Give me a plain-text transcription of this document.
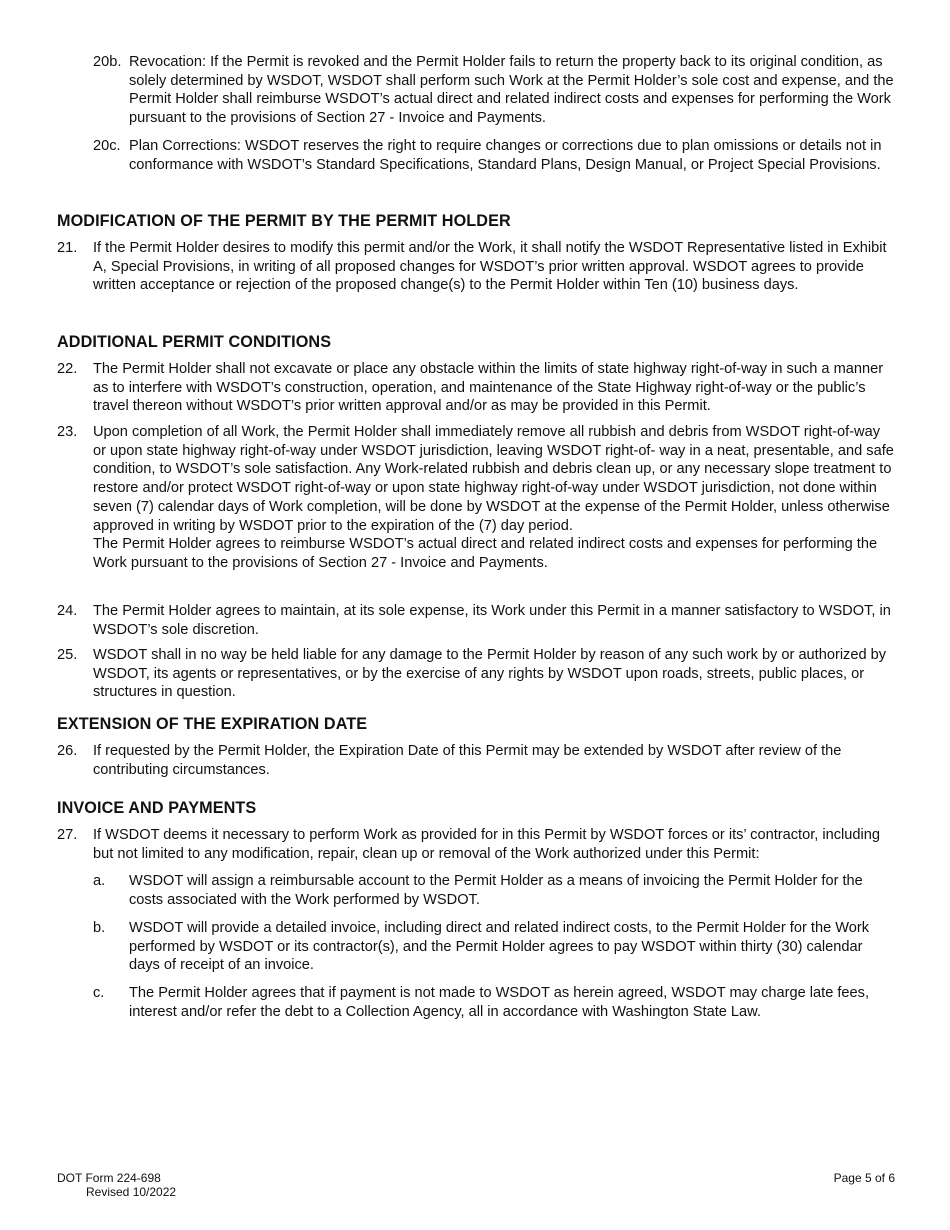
20b. Revocation: If the Permit is revoked and the Permit Holder fails to return the property back to its original condition, as solely determined by WSDOT, WSDOT shall perform such Work at the Permit Holder’s sole cost and expense, and the Permit Holder shall reimburse WSDOT’s actual direct and related indirect costs and expenses for performing the Work pursuant to the provisions of Section 27 - Invoice and Payments.
20c. Plan Corrections: WSDOT reserves the right to require changes or corrections due to plan omissions or details not in conformance with WSDOT’s Standard Specifications, Standard Plans, Design Manual, or Project Special Provisions.
MODIFICATION OF THE PERMIT BY THE PERMIT HOLDER
21. If the Permit Holder desires to modify this permit and/or the Work, it shall notify the WSDOT Representative listed in Exhibit A, Special Provisions, in writing of all proposed changes for WSDOT’s prior written approval. WSDOT agrees to provide written acceptance or rejection of the proposed change(s) to the Permit Holder within Ten (10) business days.
ADDITIONAL PERMIT CONDITIONS
22. The Permit Holder shall not excavate or place any obstacle within the limits of state highway right-of-way in such a manner as to interfere with WSDOT’s construction, operation, and maintenance of the State Highway right-of-way or the public’s travel thereon without WSDOT’s prior written approval and/or as may be provided in this Permit.
23. Upon completion of all Work, the Permit Holder shall immediately remove all rubbish and debris from WSDOT right-of-way or upon state highway right-of-way under WSDOT jurisdiction, leaving WSDOT right-of- way in a neat, presentable, and safe condition, to WSDOT’s sole satisfaction. Any Work-related rubbish and debris clean up, or any necessary slope treatment to restore and/or protect WSDOT right-of-way or upon state highway right-of-way under WSDOT jurisdiction, not done within seven (7) calendar days of Work completion, will be done by WSDOT at the expense of the Permit Holder, unless otherwise approved in writing by WSDOT prior to the expiration of the (7) day period.

The Permit Holder agrees to reimburse WSDOT’s actual direct and related indirect costs and expenses for performing the Work pursuant to the provisions of Section 27 - Invoice and Payments.

24. The Permit Holder agrees to maintain, at its sole expense, its Work under this Permit in a manner satisfactory to WSDOT, in WSDOT’s sole discretion.
25. WSDOT shall in no way be held liable for any damage to the Permit Holder by reason of any such work by or authorized by WSDOT, its agents or representatives, or by the exercise of any rights by WSDOT upon roads, streets, public places, or structures in question.
EXTENSION OF THE EXPIRATION DATE
26. If requested by the Permit Holder, the Expiration Date of this Permit may be extended by WSDOT after review of the contributing circumstances.
INVOICE AND PAYMENTS
27. If WSDOT deems it necessary to perform Work as provided for in this Permit by WSDOT forces or its’ contractor, including but not limited to any modification, repair, clean up or removal of the Work authorized under this Permit:
a. WSDOT will assign a reimbursable account to the Permit Holder as a means of invoicing the Permit Holder for the costs associated with the Work performed by WSDOT.
b. WSDOT will provide a detailed invoice, including direct and related indirect costs, to the Permit Holder for the Work performed by WSDOT or its contractor(s), and the Permit Holder agrees to pay WSDOT within thirty (30) calendar days of receipt of an invoice.
c. The Permit Holder agrees that if payment is not made to WSDOT as herein agreed, WSDOT may charge late fees, interest and/or refer the debt to a Collection Agency, all in accordance with Washington State Law.
DOT Form 224-698
Revised 10/2022
Page 5 of 6
